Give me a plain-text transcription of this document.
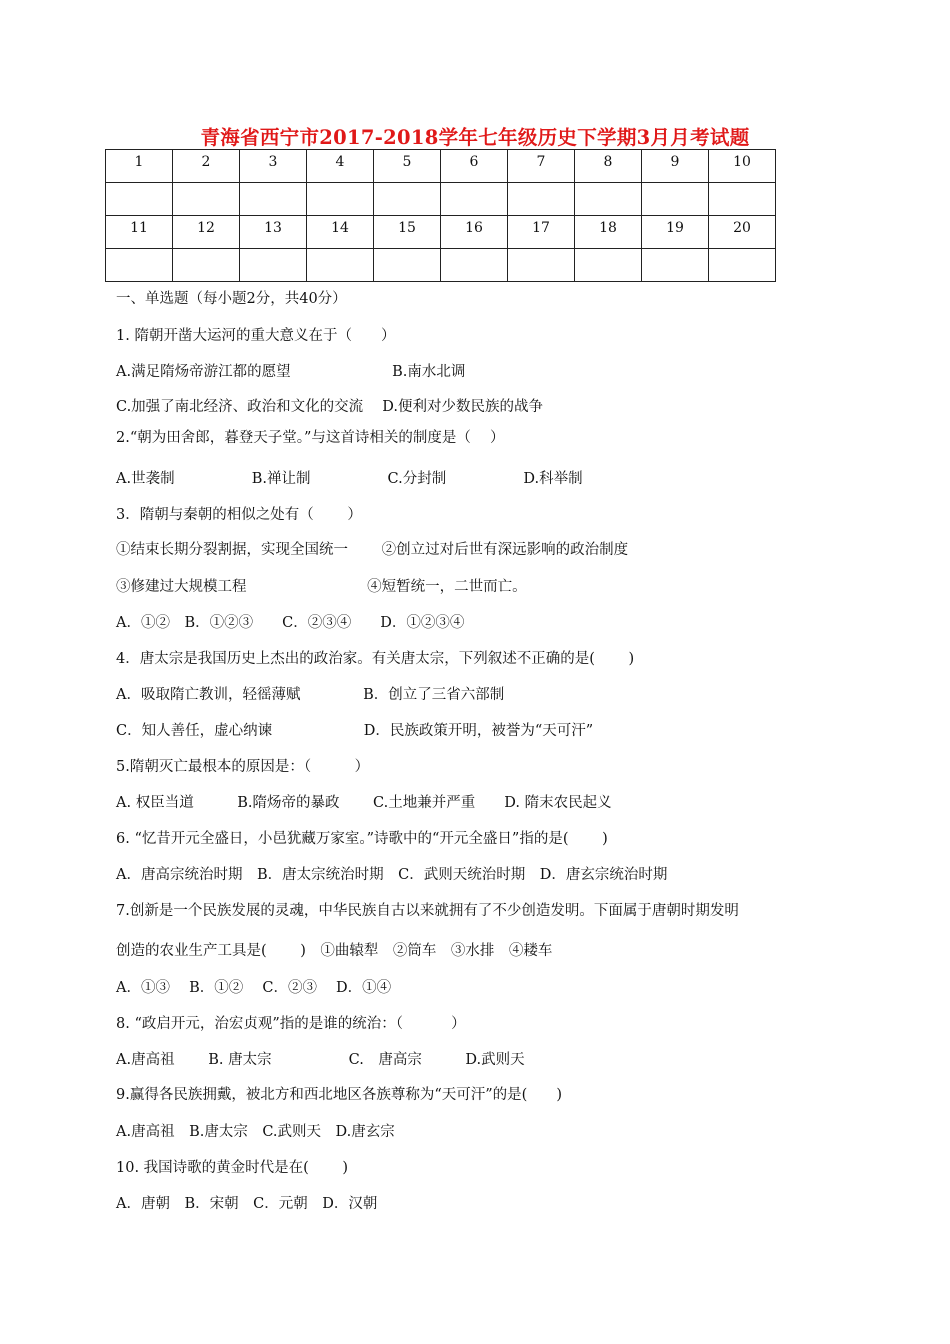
青海省西宁市2017-2018学年七年级历史下学期3月月考试题
1	2	3	4	5	6	7	8	9	10

11	12	13	14	15	16	17	18	19	20

一、单选题（每小题2分，共40分）
1. 隋朝开凿大运河的重大意义在于（　　）
A.满足隋炀帝游江都的愿望　　　　　　　B.南水北调
C.加强了南北经济、政治和文化的交流　 D.便利对少数民族的战争
2.“朝为田舍郎，暮登天子堂。”与这首诗相关的制度是（　 ）
A.世袭制　　　　　 B.禅让制　　　　　 C.分封制　　　　　 D.科举制
3．隋朝与秦朝的相似之处有（　　 ）
①结束长期分裂割据，实现全国统一　　 ②创立过对后世有深远影响的政治制度
③修建过大规模工程　　　　　　　　 ④短暂统一，二世而亡。
A．①②　B．①②③　　C．②③④　　D．①②③④
4．唐太宗是我国历史上杰出的政治家。有关唐太宗，下列叙述不正确的是(　　 )
A．吸取隋亡教训，轻徭薄赋　　　　 B．创立了三省六部制
C．知人善任，虚心纳谏　　　　　　 D．民族政策开明，被誉为“天可汗”
5.隋朝灭亡最根本的原因是：（　　　）
A. 权臣当道　　　B.隋炀帝的暴政　　 C.土地兼并严重　　D. 隋末农民起义
6. “忆昔开元全盛日，小邑犹藏万家室。”诗歌中的“开元全盛日”指的是(　　 )
A．唐高宗统治时期　B．唐太宗统治时期　C．武则天统治时期　D．唐玄宗统治时期
7.创新是一个民族发展的灵魂，中华民族自古以来就拥有了不少创造发明。下面属于唐朝时期发明
创造的农业生产工具是(　　 )　①曲辕犁　②筒车　③水排　④耧车
A．①③　 B．①②　 C．②③　 D．①④
8. “政启开元，治宏贞观”指的是谁的统治：（　　　 ）
A.唐高祖　　 B. 唐太宗　　　　　 C.　唐高宗　　　D.武则天
9.赢得各民族拥戴，被北方和西北地区各族尊称为“天可汗”的是(　　)
A.唐高祖　B.唐太宗　C.武则天　D.唐玄宗
10. 我国诗歌的黄金时代是在(　　 )
A．唐朝　B．宋朝　C．元朝　D．汉朝
